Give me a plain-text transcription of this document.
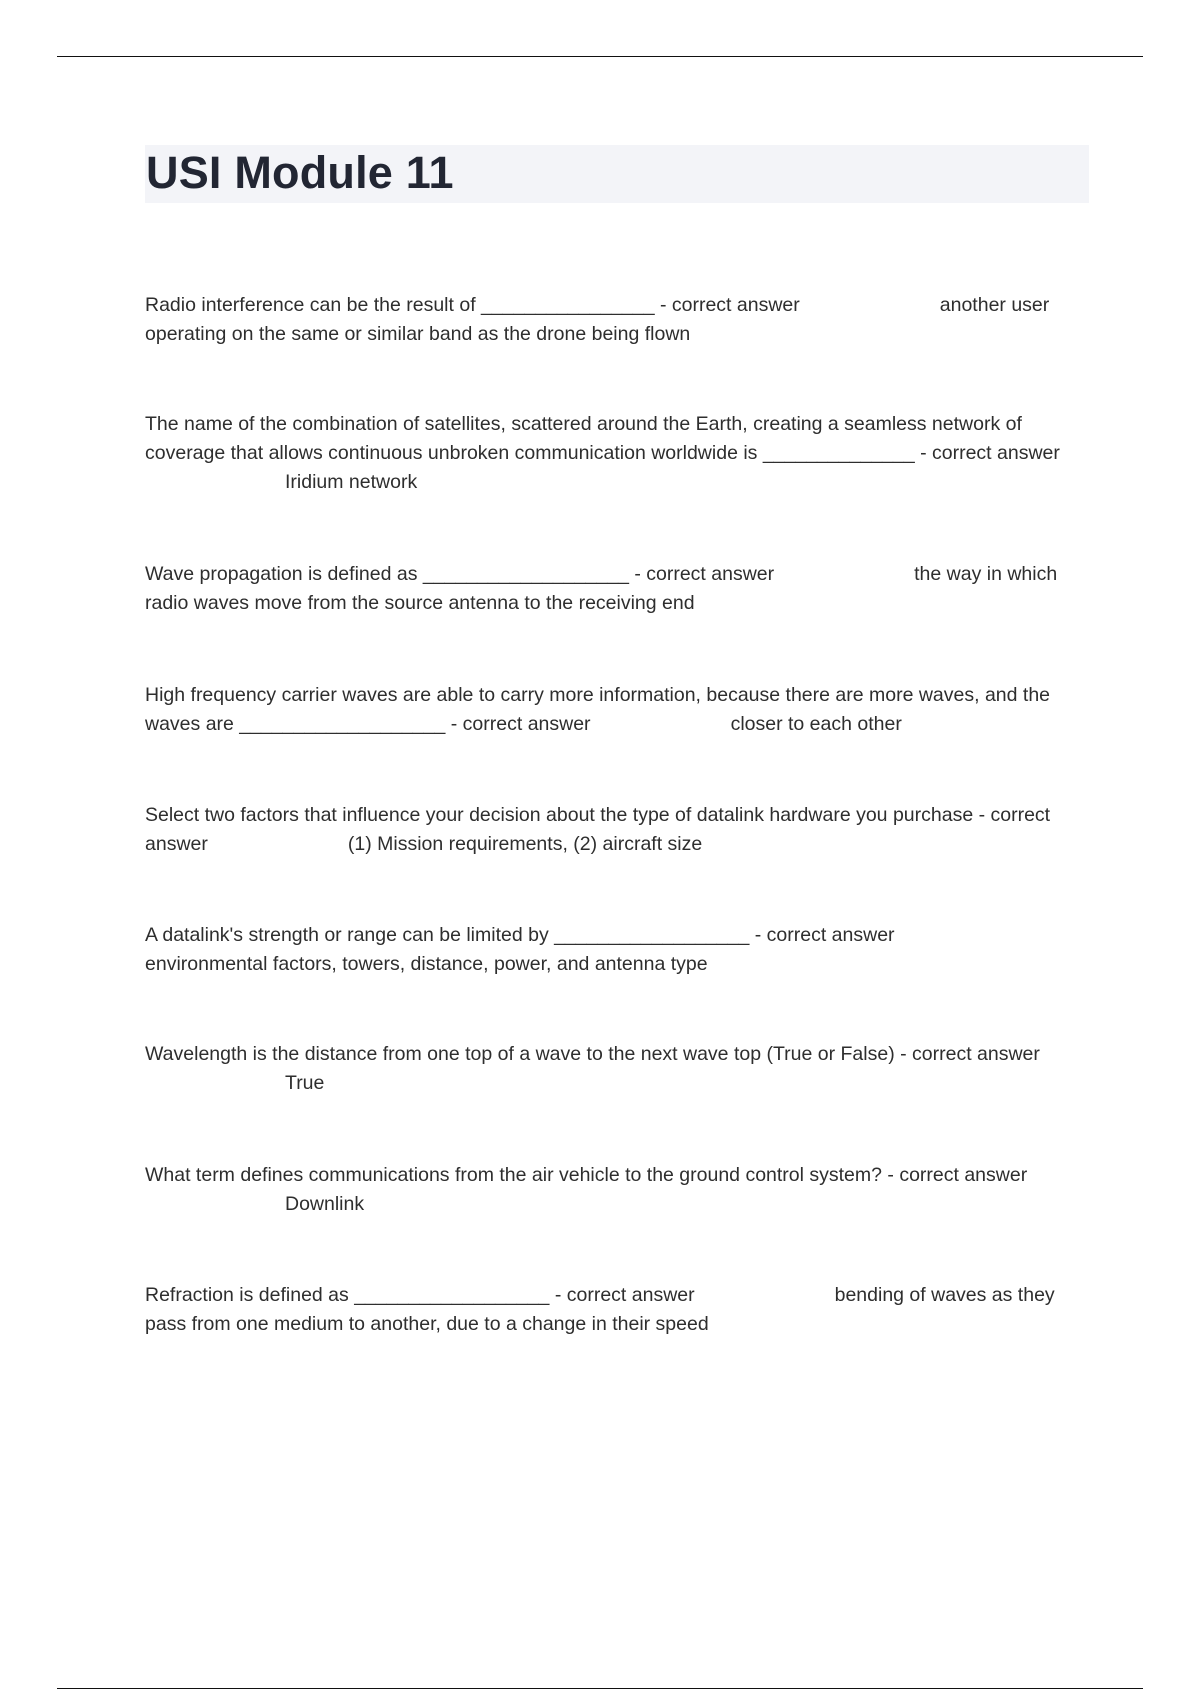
USI Module 11

Radio interference can be the result of ________________ - correct answer	another user operating on the same or similar band as the drone being flown

The name of the combination of satellites, scattered around the Earth, creating a seamless network of coverage that allows continuous unbroken communication worldwide is ______________ - correct answerIridium network

Wave propagation is defined as ___________________ - correct answer	the way in which radio waves move from the source antenna to the receiving end

High frequency carrier waves are able to carry more information, because there are more waves, and the waves are ___________________ - correct answer	closer to each other

Select two factors that influence your decision about the type of datalink hardware you purchase - correct answer	(1) Mission requirements, (2) aircraft size

A datalink's strength or range can be limited by __________________ - correct answerenvironmental factors, towers, distance, power, and antenna type

Wavelength is the distance from one top of a wave to the next wave top (True or False) - correct answerTrue

What term defines communications from the air vehicle to the ground control system? - correct answerDownlink

Refraction is defined as __________________ - correct answer	bending of waves as they pass from one medium to another, due to a change in their speed
